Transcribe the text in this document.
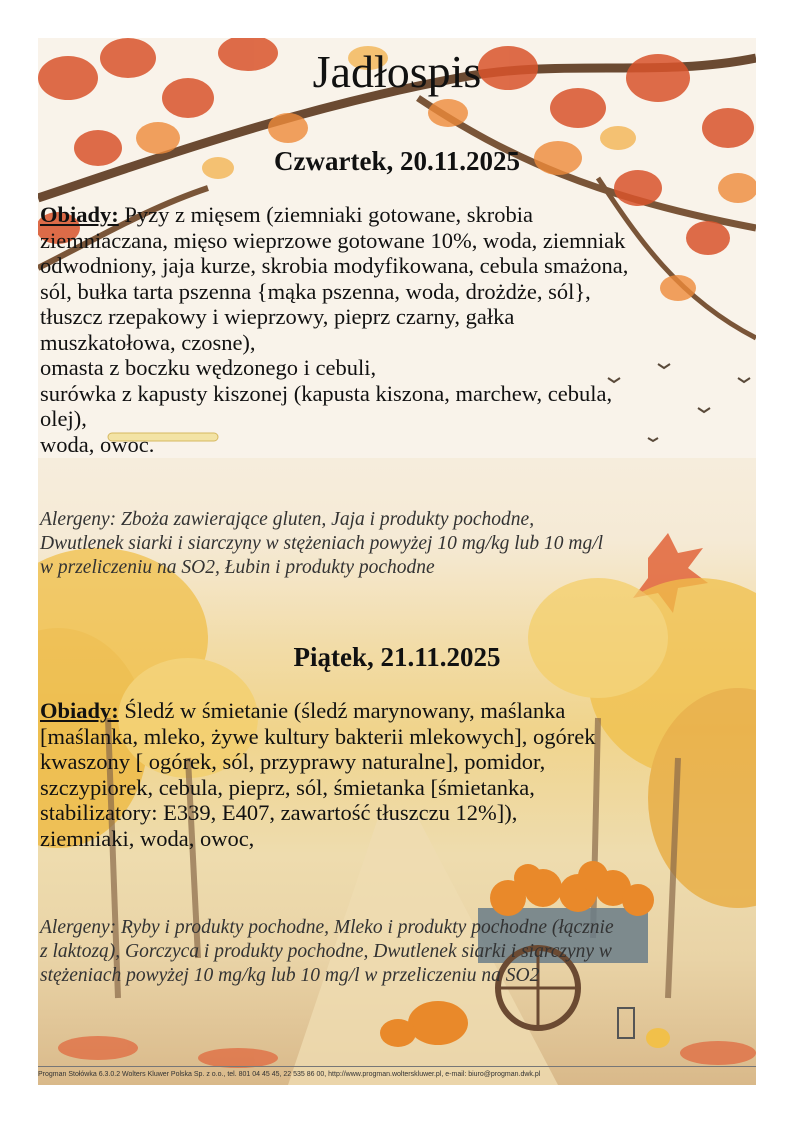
Jadłospis
Czwartek, 20.11.2025
Obiady: Pyzy z mięsem (ziemniaki gotowane, skrobia
ziemniaczana, mięso wieprzowe gotowane 10%, woda, ziemniak
odwodniony, jaja kurze, skrobia modyfikowana, cebula smażona,
sól, bułka tarta pszenna {mąka pszenna, woda, drożdże, sól},
tłuszcz rzepakowy i wieprzowy, pieprz czarny, gałka
muszkatołowa, czosne),
omasta z boczku wędzonego i cebuli,
surówka z kapusty kiszonej (kapusta kiszona, marchew, cebula,
olej),
woda, owoc.
Alergeny: Zboża zawierające gluten, Jaja i produkty pochodne,
Dwutlenek siarki i siarczyny w stężeniach powyżej 10 mg/kg lub 10 mg/l
w przeliczeniu na SO2, Łubin i produkty pochodne
Piątek, 21.11.2025
Obiady: Śledź w śmietanie (śledź marynowany, maślanka
[maślanka, mleko, żywe kultury bakterii mlekowych], ogórek
kwaszony [ ogórek, sól, przyprawy naturalne], pomidor,
szczypiorek, cebula, pieprz, sól, śmietanka [śmietanka,
stabilizatory: E339, E407, zawartość tłuszczu 12%]),
ziemniaki, woda, owoc,
Alergeny: Ryby i produkty pochodne, Mleko i produkty pochodne (łącznie
z laktozą), Gorczyca i produkty pochodne, Dwutlenek siarki i siarczyny w
stężeniach powyżej 10 mg/kg lub 10 mg/l w przeliczeniu na SO2
Progman Stołówka 6.3.0.2 Wolters Kluwer Polska Sp. z o.o., tel. 801 04 45 45, 22 535 86 00, http://www.progman.wolterskluwer.pl, e-mail: biuro@progman.dwk.pl
